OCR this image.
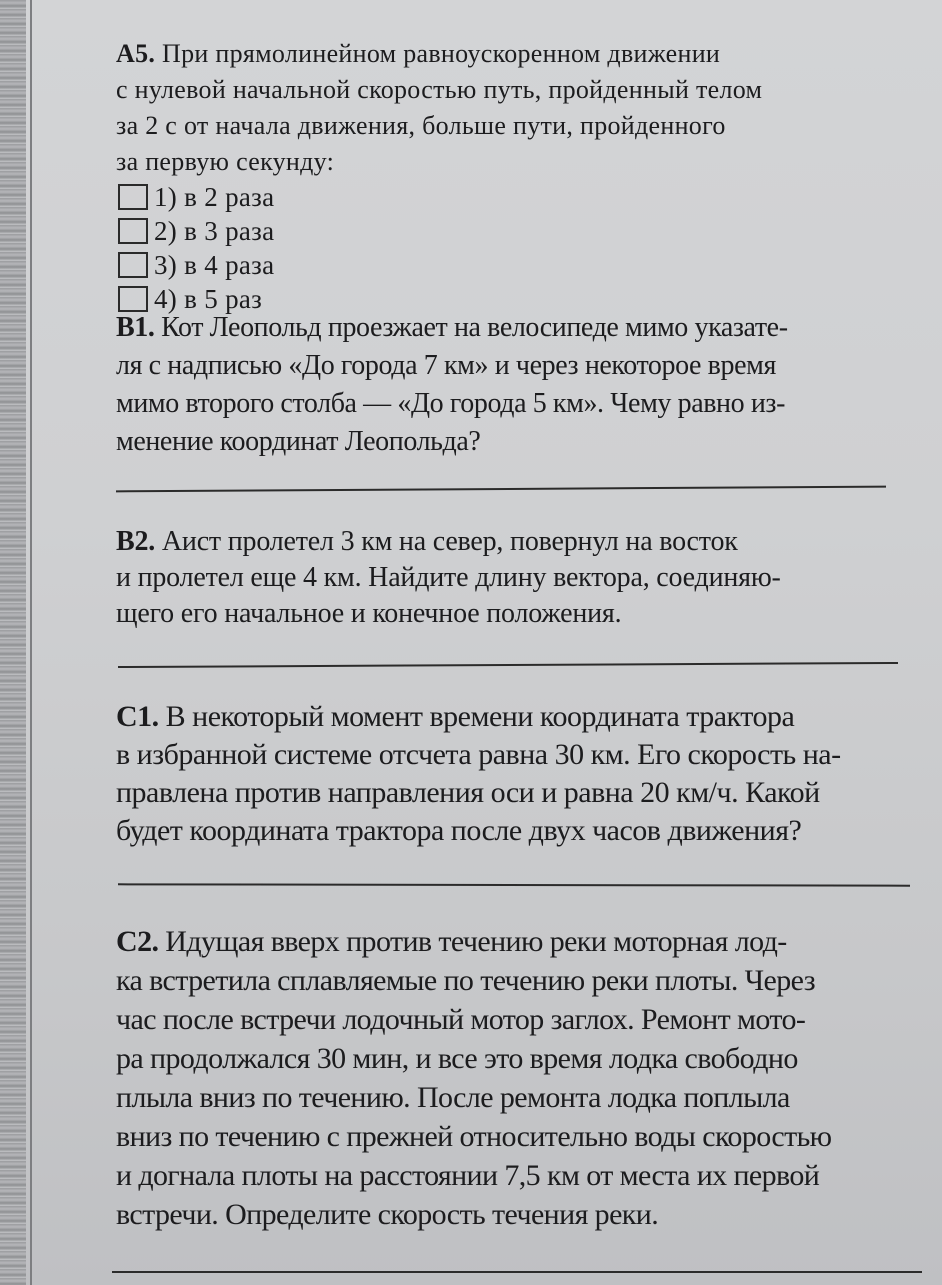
А5. При прямолинейном равноускоренном движении
с нулевой начальной скоростью путь, пройденный телом
за 2 с от начала движения, больше пути, пройденного
за первую секунду:
1) в 2 раза
2) в 3 раза
3) в 4 раза
4) в 5 раз
В1. Кот Леопольд проезжает на велосипеде мимо указате-
ля с надписью «До города 7 км» и через некоторое время
мимо второго столба — «До города 5 км». Чему равно из-
менение координат Леопольда?
В2. Аист пролетел 3 км на север, повернул на восток
и пролетел еще 4 км. Найдите длину вектора, соединяю-
щего его начальное и конечное положения.
С1. В некоторый момент времени координата трактора
в избранной системе отсчета равна 30 км. Его скорость на-
правлена против направления оси и равна 20 км/ч. Какой
будет координата трактора после двух часов движения?
С2. Идущая вверх против течению реки моторная лод-
ка встретила сплавляемые по течению реки плоты. Через
час после встречи лодочный мотор заглох. Ремонт мото-
ра продолжался 30 мин, и все это время лодка свободно
плыла вниз по течению. После ремонта лодка поплыла
вниз по течению с прежней относительно воды скоростью
и догнала плоты на расстоянии 7,5 км от места их первой
встречи. Определите скорость течения реки.
